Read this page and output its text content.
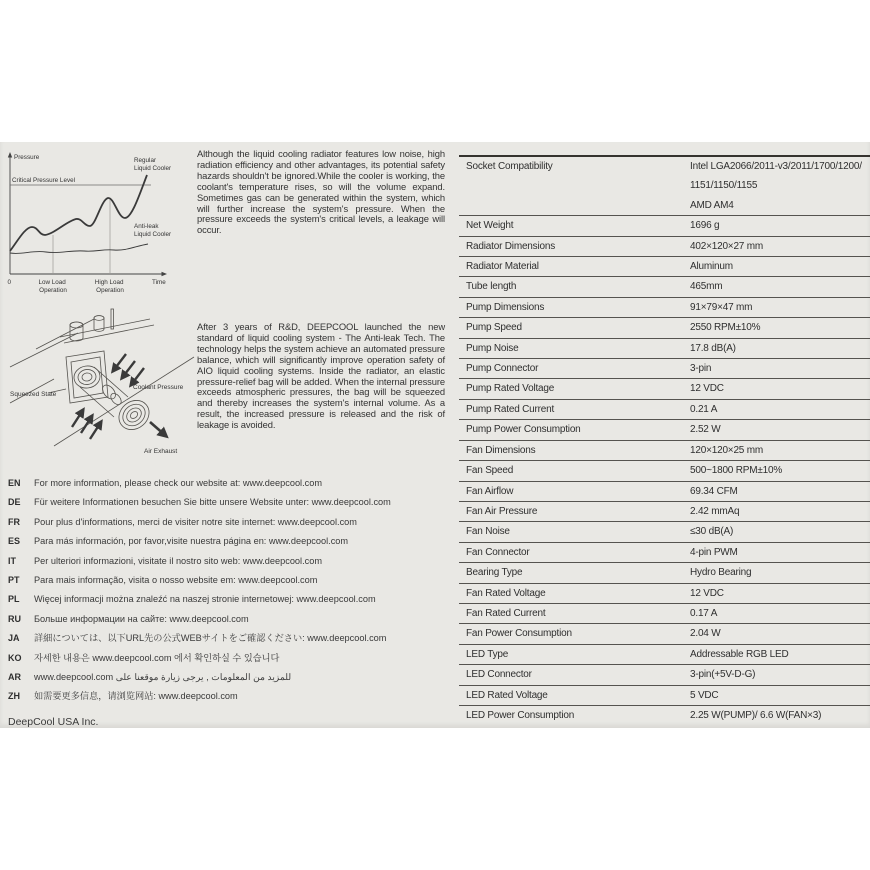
Pressure	Regular Liquid Cooler
Critical Pressure Level
Anti-leak Liquid Cooler
0	Low Load Operation
High Load Operation
Time
Although the liquid cooling radiator features low noise, high radiation efficiency and other advantages, its potential safety hazards shouldn't be ignored.While the cooler is working, the coolant's temperature rises, so will the volume expand. Sometimes gas can be generated within the system, which will further increase the system's pressure. When the pressure exceeds the system's critical levels, a leakage will occur.
Squeezed State
Coolant Pressure
Air Exhaust
After 3 years of R&D, DEEPCOOL launched the new standard of liquid cooling system - The Anti-leak Tech. The technology helps the system achieve an automated pressure balance, which will significantly improve operation safety of AIO liquid cooling systems. Inside the radiator, an elastic pressure-relief bag will be added. When the internal pressure exceeds atmospheric pressures, the bag will be squeezed and thereby increases the system's internal volume. As a result, the increased pressure is released and the risk of leakage is avoided.
EN For more information, please check our website at: www.deepcool.com
DE Für weitere Informationen besuchen Sie bitte unsere Website unter: www.deepcool.com
FR Pour plus d'informations, merci de visiter notre site internet: www.deepcool.com
ES Para más información, por favor,visite nuestra página en: www.deepcool.com
IT Per ulteriori informazioni, visitate il nostro sito web: www.deepcool.com
PT Para mais informação, visita o nosso website em: www.deepcool.com
PL Więcej informacji można znaleźć na naszej stronie internetowej: www.deepcool.com
RU Больше информации на сайте: www.deepcool.com
JA 詳細については、以下URL先の公式WEBサイトをご確認ください: www.deepcool.com
KO 자세한 내용은 www.deepcool.com 에서 확인하실 수 있습니다
AR للمزيد من المعلومات , يرجى زيارة موقعنا على www.deepcool.com
ZH 如需要更多信息，请浏览网站: www.deepcool.com
DeepCool USA Inc.
Socket Compatibility	Intel LGA2066/2011-v3/2011/1700/1200/
1151/1150/1155
AMD AM4
Net Weight	1696 g
Radiator Dimensions	402×120×27 mm
Radiator Material	Aluminum
Tube length	465mm
Pump Dimensions	91×79×47 mm
Pump Speed	2550 RPM±10%
Pump Noise	17.8 dB(A)
Pump Connector	3-pin
Pump Rated Voltage	12 VDC
Pump Rated Current	0.21 A
Pump Power Consumption	2.52 W
Fan Dimensions	120×120×25 mm
Fan Speed	500~1800 RPM±10%
Fan Airflow	69.34 CFM
Fan Air Pressure	2.42 mmAq
Fan Noise	≤30 dB(A)
Fan Connector	4-pin PWM
Bearing Type	Hydro Bearing
Fan Rated Voltage	12 VDC
Fan Rated Current	0.17 A
Fan Power Consumption	2.04 W
LED Type	Addressable RGB LED
LED Connector	3-pin(+5V-D-G)
LED Rated Voltage	5 VDC
LED Power Consumption	2.25 W(PUMP)/ 6.6 W(FAN×3)
